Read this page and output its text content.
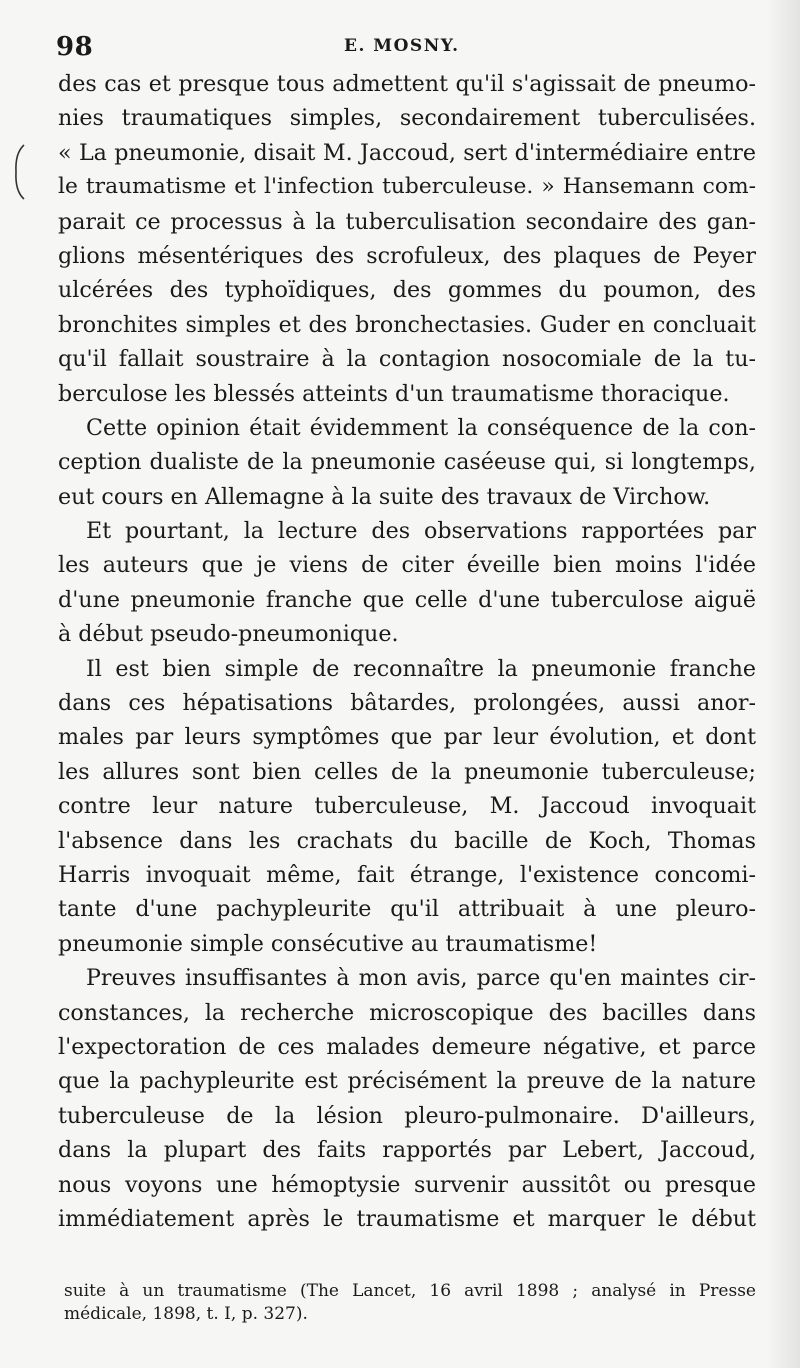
98	E. MOSNY.
des cas et presque tous admettent qu'il s'agissait de pneumo-
nies traumatiques simples, secondairement tuberculisées.
« La pneumonie, disait M. Jaccoud, sert d'intermédiaire entre
le traumatisme et l'infection tuberculeuse. » Hansemann com-
parait ce processus à la tuberculisation secondaire des gan-
glions mésentériques des scrofuleux, des plaques de Peyer
ulcérées des typhoïdiques, des gommes du poumon, des
bronchites simples et des bronchectasies. Guder en concluait
qu'il fallait soustraire à la contagion nosocomiale de la tu-
berculose les blessés atteints d'un traumatisme thoracique.
Cette opinion était évidemment la conséquence de la con-
ception dualiste de la pneumonie caséeuse qui, si longtemps,
eut cours en Allemagne à la suite des travaux de Virchow.
Et pourtant, la lecture des observations rapportées par
les auteurs que je viens de citer éveille bien moins l'idée
d'une pneumonie franche que celle d'une tuberculose aiguë
à début pseudo-pneumonique.
Il est bien simple de reconnaître la pneumonie franche
dans ces hépatisations bâtardes, prolongées, aussi anor-
males par leurs symptômes que par leur évolution, et dont
les allures sont bien celles de la pneumonie tuberculeuse;
contre leur nature tuberculeuse, M. Jaccoud invoquait
l'absence dans les crachats du bacille de Koch, Thomas
Harris invoquait même, fait étrange, l'existence concomi-
tante d'une pachypleurite qu'il attribuait à une pleuro-
pneumonie simple consécutive au traumatisme!
Preuves insuffisantes à mon avis, parce qu'en maintes cir-
constances, la recherche microscopique des bacilles dans
l'expectoration de ces malades demeure négative, et parce
que la pachypleurite est précisément la preuve de la nature
tuberculeuse de la lésion pleuro-pulmonaire. D'ailleurs,
dans la plupart des faits rapportés par Lebert, Jaccoud,
nous voyons une hémoptysie survenir aussitôt ou presque
immédiatement après le traumatisme et marquer le début
suite à un traumatisme (The Lancet, 16 avril 1898 ; analysé in Presse
médicale, 1898, t. I, p. 327).
